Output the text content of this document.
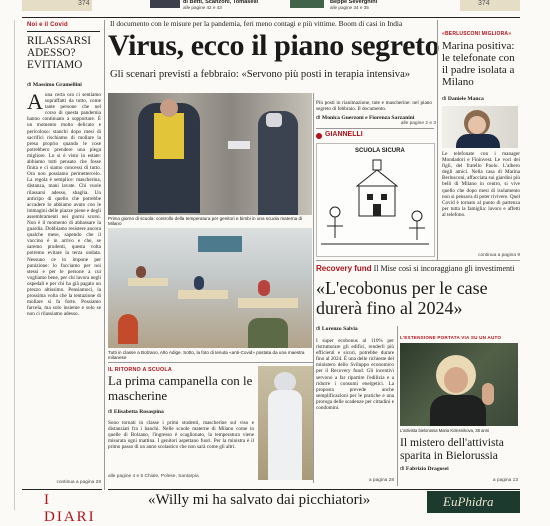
374	di Betti, Scanzoni, Tomaselli
alle pagine 42 e 43
Beppe Severgnini
alle pagine 34 e 35
374
Noi e il Covid
RILASSARSI ADESSO? EVITIAMO
di Massimo Gramellini
A una certa ora ci sentiamo sopraffatti da tutto, come tante persone che nel corso di questa pandemia hanno continuato a sopportare. È un momento molto delicato e pericoloso: stanchi dopo mesi di sacrifici rischiamo di mollare la presa proprio quando le cose potrebbero prendere una piega migliore. Lo si è visto in estate: abbiamo tutti pensato che fosse finita e ci siamo concessi di tutto. Ora non possiamo permettercelo. La regola è semplice: mascherina, distanza, mani lavate. Chi vuole rilassarsi adesso, sbaglia. Un anticipo di quello che potrebbe accadere lo abbiamo avuto con le immagini delle piazze piene e degli assembramenti nei giorni scorsi. Non è il momento di abbassare la guardia. Dobbiamo resistere ancora qualche mese, sapendo che il vaccino è in arrivo e che, se saremo prudenti, questa volta potremo evitare la terza ondata. Nessuno ce lo impone per punizione: lo facciamo per noi stessi e per le persone a cui vogliamo bene, per chi lavora negli ospedali e per chi ha già pagato un prezzo altissimo. Pensiamoci, la prossima volta che la tentazione di mollare si fa forte. Possiamo farcela, ma solo insieme e solo se non ci rilassiamo adesso.
continua a pagina 28
I DIARI
Il documento con le misure per la pandemia, feri meno contagi e più vittime. Boom di casi in India
Virus, ecco il piano segreto
Gli scenari previsti a febbraio: «Servono più posti in terapia intensiva»
Primo giorno di scuola: controllo della temperatura per genitori e bimbi in una scuola materna di Milano
Tutti in classe a Bolzano, Alto Adige. Sotto, la foto di tenuta «anti-Covid» postata da una maestra milanese
IL RITORNO A SCUOLA
La prima campanella con le mascherine
di Elisabetta Rosaspina
Sono tornati in classe i primi studenti, mascherine sul viso e distanziati fra i banchi. Nelle scuole materne di Milano come in quelle di Bolzano, l'ingresso è scaglionato, la temperatura viene misurata ogni mattina. I genitori aspettano fuori. Per la ministra è il primo passo di un anno scolastico che non sarà come gli altri.
alle pagine 4 e 5 Chiale, Polese, Santarpia
«Willy mi ha salvato dai picchiatori»
Più posti in rianimazione, tute e mascherine: nel piano segreto di febbraio. Il documento.
di Monica Guerzoni e Fiorenza Sarzanini
alle pagine 2 e 3
GIANNELLI
SCUOLA SICURA
Recovery fund Il Mise così si incoraggiano gli investimenti
«L'ecobonus per le case durerà fino al 2024»
di Lorenzo Salvia
I super ecobonus al 110% per ristrutturare gli edifici, renderli più efficienti e sicuri, potrebbe durare fino al 2024. È una delle richieste del ministero dello Sviluppo economico per il Recovery fund. Gli incentivi servono a far ripartire l'edilizia e a ridurre i consumi energetici. La proposta prevede anche semplificazioni per le pratiche e una proroga delle scadenze per cittadini e condomini.
a pagina 28
«BERLUSCONI MIGLIORA»
Marina positiva: le telefonate con il padre isolata a Milano
di Daniele Manca
Le telefonate con i manager Mondadori e Fininvest. Le voci dei figli, del fratello Paolo. L'albero degli amici. Nella casa di Marina Berlusconi, affacciata sui giardini più belli di Milano in centro, si vive quello che dopo mesi di isolamento non si pensava di poter rivivere. Quel Covid è tornato al punto di partenza per tutta la famiglia: lavoro e affetti al telefono.
continua a pagina 9
L'ESTENSIONE PORTATA VIA SU UN AUTO
L'attivista bielorussa Maria Kolesnikova, 38 anni
Il mistero dell'attivista sparita in Bielorussia
di Fabrizio Dragosei
a pagina 13
EuPhidra
